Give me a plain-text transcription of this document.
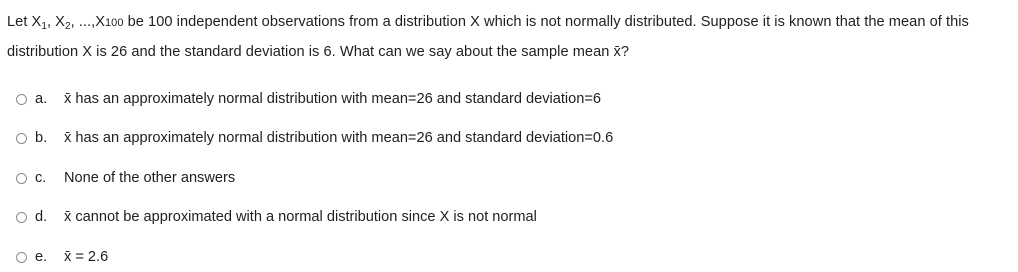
Let $X_1$, $X_2$, ...,X100 be 100 independent observations from a distribution X which is not normally distributed. Suppose it is known that the mean of this distribution X is 26 and the standard deviation is 6. What can we say about the sample mean x̄?
a.	x̄ has an approximately normal distribution with mean=26 and standard deviation=6
b.	x̄ has an approximately normal distribution with mean=26 and standard deviation=0.6
c.	None of the other answers
d.	x̄ cannot be approximated with a normal distribution since X is not normal
e.	x̄ = 2.6
